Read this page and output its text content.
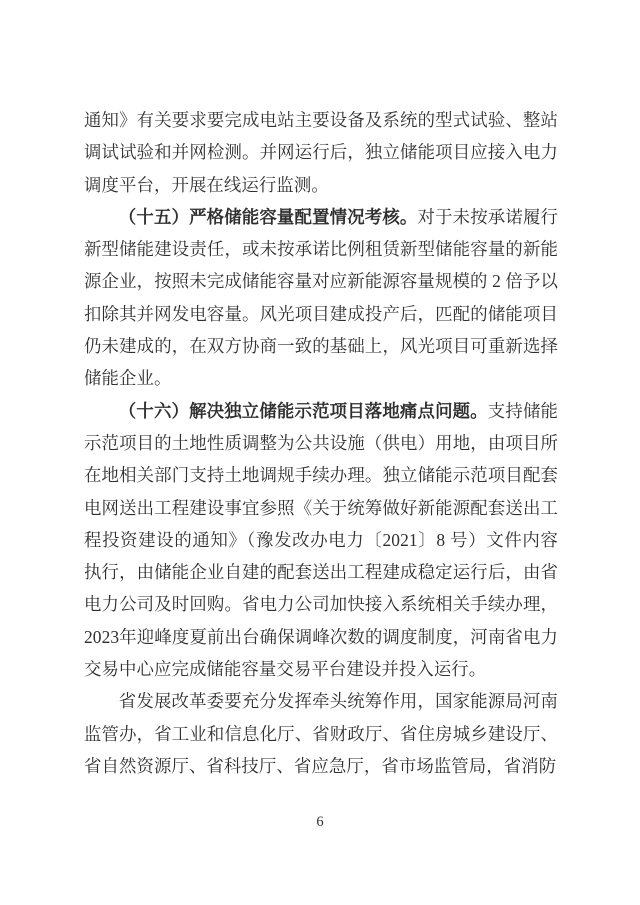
通知》有关要求要完成电站主要设备及系统的型式试验、整站调试试验和并网检测。并网运行后，独立储能项目应接入电力调度平台，开展在线运行监测。

（十五）严格储能容量配置情况考核。对于未按承诺履行新型储能建设责任，或未按承诺比例租赁新型储能容量的新能源企业，按照未完成储能容量对应新能源容量规模的 2 倍予以扣除其并网发电容量。风光项目建成投产后，匹配的储能项目仍未建成的，在双方协商一致的基础上，风光项目可重新选择储能企业。

（十六）解决独立储能示范项目落地痛点问题。支持储能示范项目的土地性质调整为公共设施（供电）用地，由项目所在地相关部门支持土地调规手续办理。独立储能示范项目配套电网送出工程建设事宜参照《关于统筹做好新能源配套送出工程投资建设的通知》（豫发改办电力〔2021〕8 号）文件内容执行，由储能企业自建的配套送出工程建成稳定运行后，由省电力公司及时回购。省电力公司加快接入系统相关手续办理，2023年迎峰度夏前出台确保调峰次数的调度制度，河南省电力交易中心应完成储能容量交易平台建设并投入运行。

省发展改革委要充分发挥牵头统筹作用，国家能源局河南监管办，省工业和信息化厅、省财政厅、省住房城乡建设厅、省自然资源厅、省科技厅、省应急厅，省市场监管局，省消防

6
